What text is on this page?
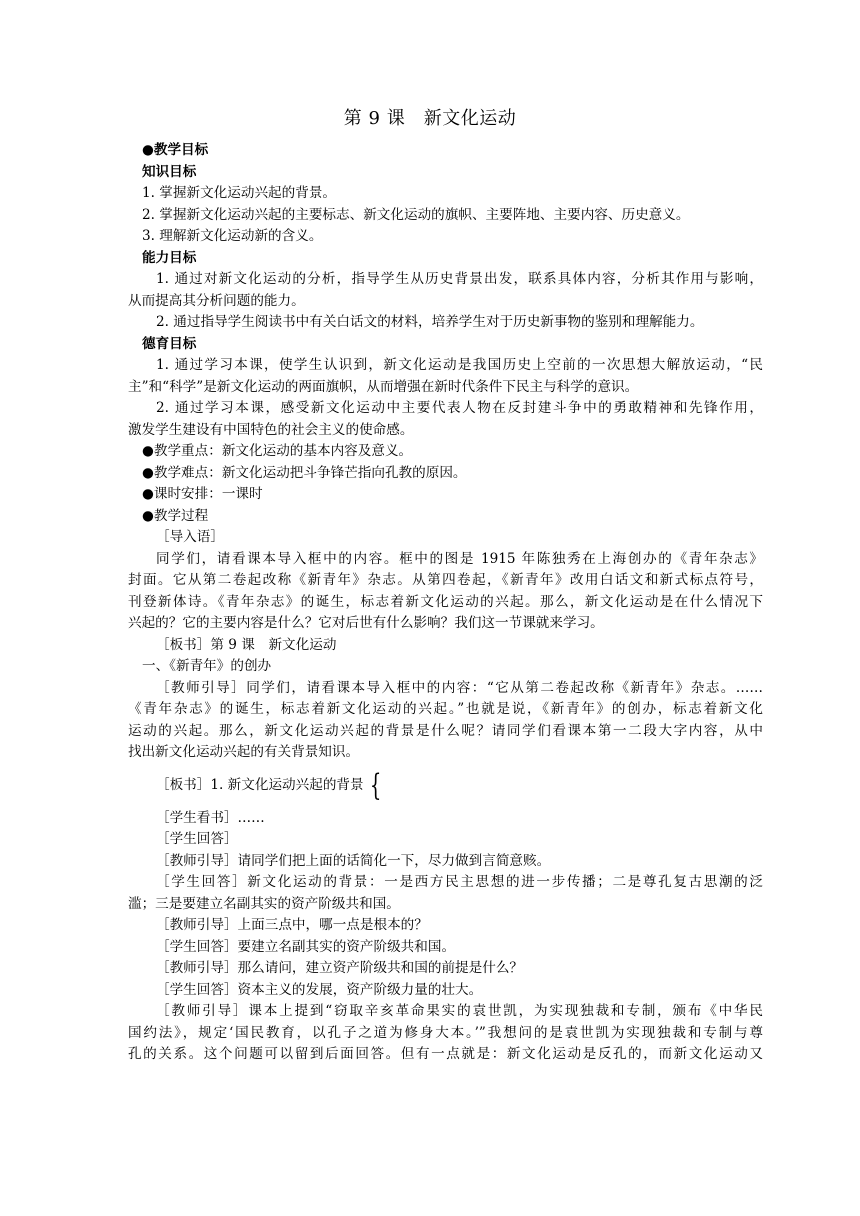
第 9 课　新文化运动
●教学目标
知识目标
1. 掌握新文化运动兴起的背景。
2. 掌握新文化运动兴起的主要标志、新文化运动的旗帜、主要阵地、主要内容、历史意义。
3. 理解新文化运动新的含义。
能力目标
1. 通过对新文化运动的分析，指导学生从历史背景出发，联系具体内容，分析其作用与影响，
从而提高其分析问题的能力。
2. 通过指导学生阅读书中有关白话文的材料，培养学生对于历史新事物的鉴别和理解能力。
德育目标
1. 通过学习本课，使学生认识到，新文化运动是我国历史上空前的一次思想大解放运动，“民
主”和“科学”是新文化运动的两面旗帜，从而增强在新时代条件下民主与科学的意识。
2. 通过学习本课，感受新文化运动中主要代表人物在反封建斗争中的勇敢精神和先锋作用，
激发学生建设有中国特色的社会主义的使命感。
●教学重点：新文化运动的基本内容及意义。
●教学难点：新文化运动把斗争锋芒指向孔教的原因。
●课时安排：一课时
●教学过程
［导入语］
同学们，请看课本导入框中的内容。框中的图是 1915 年陈独秀在上海创办的《青年杂志》
封面。它从第二卷起改称《新青年》杂志。从第四卷起，《新青年》改用白话文和新式标点符号，
刊登新体诗。《青年杂志》的诞生，标志着新文化运动的兴起。那么，新文化运动是在什么情况下
兴起的？它的主要内容是什么？它对后世有什么影响？我们这一节课就来学习。
［板书］第 9 课　新文化运动
一、《新青年》的创办
［教师引导］同学们，请看课本导入框中的内容：“它从第二卷起改称《新青年》杂志。……
《青年杂志》的诞生，标志着新文化运动的兴起。”也就是说，《新青年》的创办，标志着新文化
运动的兴起。那么，新文化运动兴起的背景是什么呢？请同学们看课本第一二段大字内容，从中
找出新文化运动兴起的有关背景知识。
［板书］1. 新文化运动兴起的背景 {
［学生看书］……
［学生回答］
［教师引导］请同学们把上面的话简化一下，尽力做到言简意赅。
［学生回答］新文化运动的背景：一是西方民主思想的进一步传播；二是尊孔复古思潮的泛
滥；三是要建立名副其实的资产阶级共和国。
［教师引导］上面三点中，哪一点是根本的？
［学生回答］要建立名副其实的资产阶级共和国。
［教师引导］那么请问，建立资产阶级共和国的前提是什么？
［学生回答］资本主义的发展，资产阶级力量的壮大。
［教师引导］课本上提到“窃取辛亥革命果实的袁世凯，为实现独裁和专制，颁布《中华民
国约法》，规定‘国民教育，以孔子之道为修身大本。’”我想问的是袁世凯为实现独裁和专制与尊
孔的关系。这个问题可以留到后面回答。但有一点就是：新文化运动是反孔的，而新文化运动又
